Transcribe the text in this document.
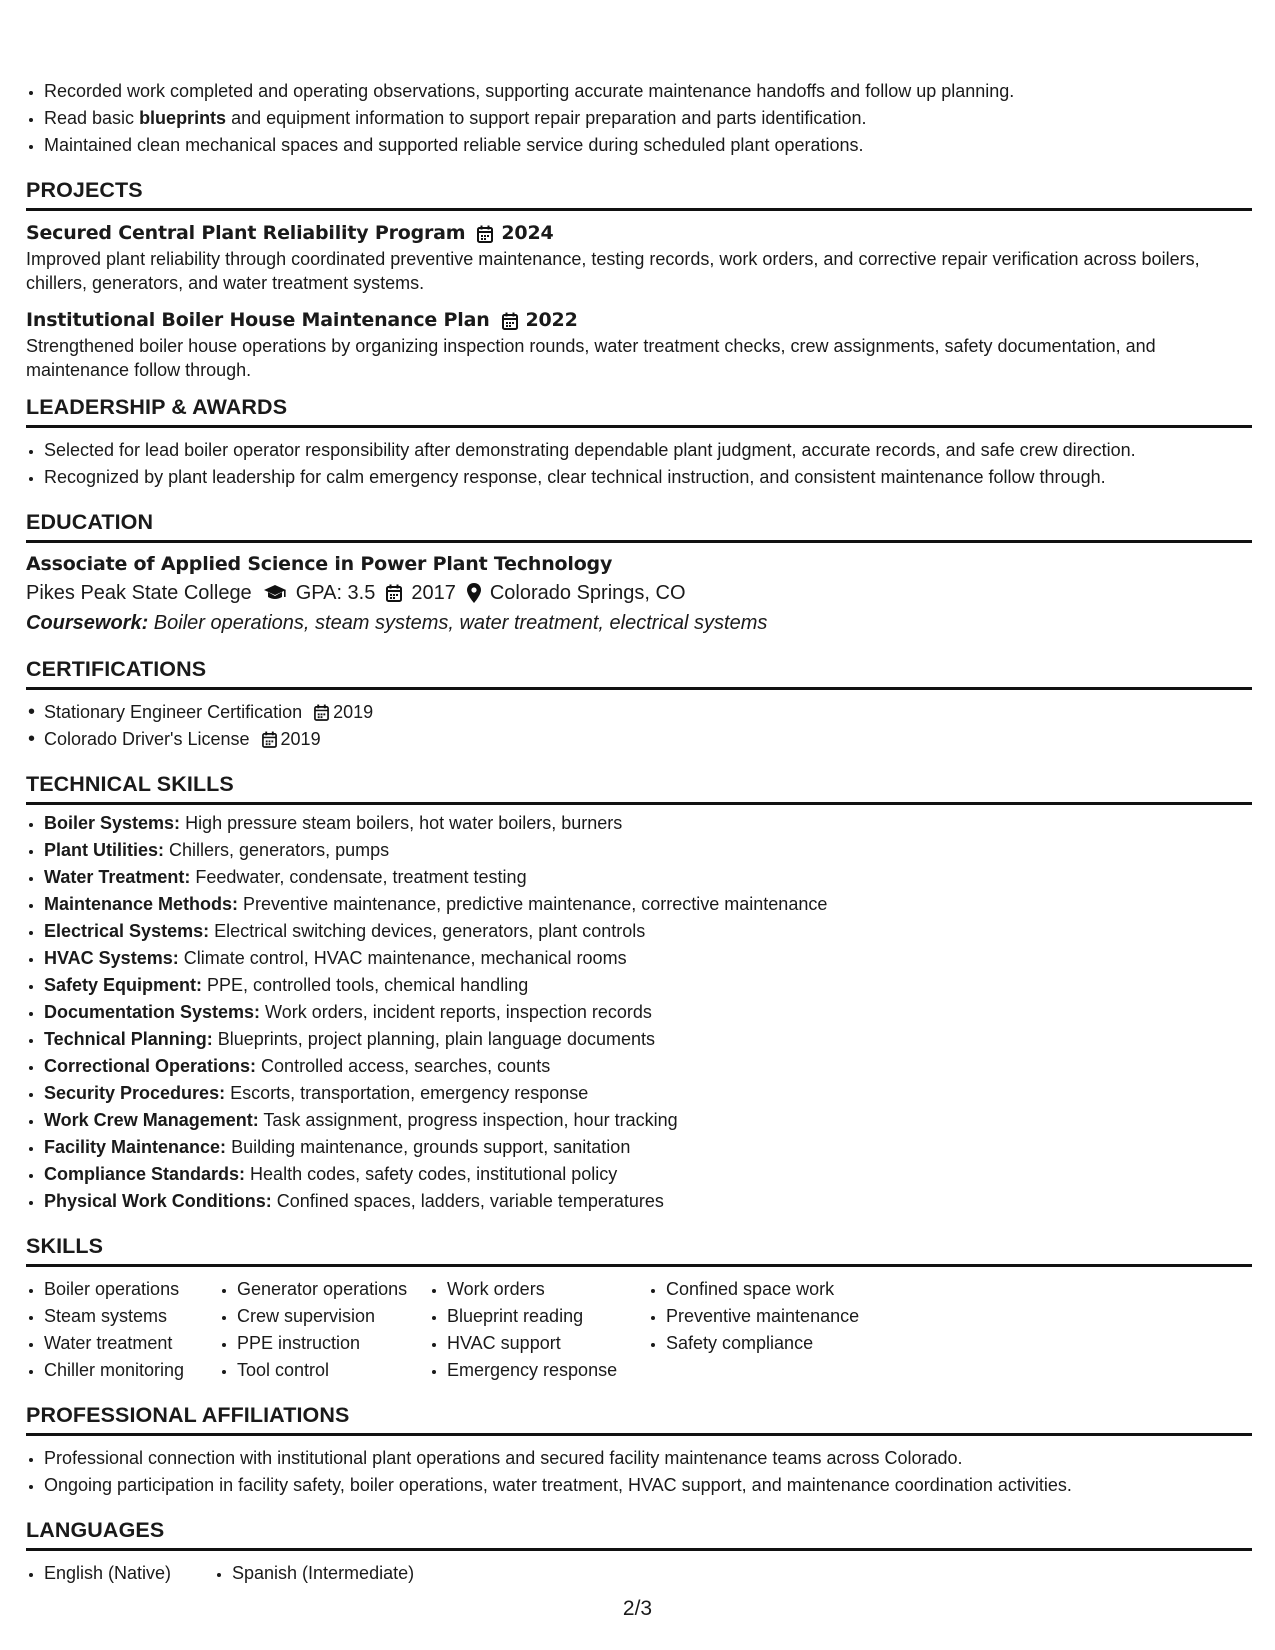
• Recorded work completed and operating observations, supporting accurate maintenance handoffs and follow up planning.
• Read basic blueprints and equipment information to support repair preparation and parts identification.
• Maintained clean mechanical spaces and supported reliable service during scheduled plant operations.
PROJECTS
Secured Central Plant Reliability Program 2024

Improved plant reliability through coordinated preventive maintenance, testing records, work orders, and corrective repair verification across boilers, chillers, generators, and water treatment systems.

Institutional Boiler House Maintenance Plan 2022

Strengthened boiler house operations by organizing inspection rounds, water treatment checks, crew assignments, safety documentation, and maintenance follow through.

LEADERSHIP & AWARDS
• Selected for lead boiler operator responsibility after demonstrating dependable plant judgment, accurate records, and safe crew direction.
• Recognized by plant leadership for calm emergency response, clear technical instruction, and consistent maintenance follow through.
EDUCATION
Associate of Applied Science in Power Plant Technology
Pikes Peak State College GPA: 3.5 2017 Colorado Springs, CO
Coursework: Boiler operations, steam systems, water treatment, electrical systems
CERTIFICATIONS
• Stationary Engineer Certification 2019
• Colorado Driver's License 2019
TECHNICAL SKILLS
• Boiler Systems: High pressure steam boilers, hot water boilers, burners
• Plant Utilities: Chillers, generators, pumps
• Water Treatment: Feedwater, condensate, treatment testing
• Maintenance Methods: Preventive maintenance, predictive maintenance, corrective maintenance
• Electrical Systems: Electrical switching devices, generators, plant controls
• HVAC Systems: Climate control, HVAC maintenance, mechanical rooms
• Safety Equipment: PPE, controlled tools, chemical handling
• Documentation Systems: Work orders, incident reports, inspection records
• Technical Planning: Blueprints, project planning, plain language documents
• Correctional Operations: Controlled access, searches, counts
• Security Procedures: Escorts, transportation, emergency response
• Work Crew Management: Task assignment, progress inspection, hour tracking
• Facility Maintenance: Building maintenance, grounds support, sanitation
• Compliance Standards: Health codes, safety codes, institutional policy
• Physical Work Conditions: Confined spaces, ladders, variable temperatures
SKILLS
• Boiler operations
• Steam systems
• Water treatment
• Chiller monitoring
• Generator operations
• Crew supervision
• PPE instruction
• Tool control
• Work orders
• Blueprint reading
• HVAC support
• Emergency response
• Confined space work
• Preventive maintenance
• Safety compliance
PROFESSIONAL AFFILIATIONS
• Professional connection with institutional plant operations and secured facility maintenance teams across Colorado.
• Ongoing participation in facility safety, boiler operations, water treatment, HVAC support, and maintenance coordination activities.
LANGUAGES
• English (Native)
•	Spanish (Intermediate)
2/3
